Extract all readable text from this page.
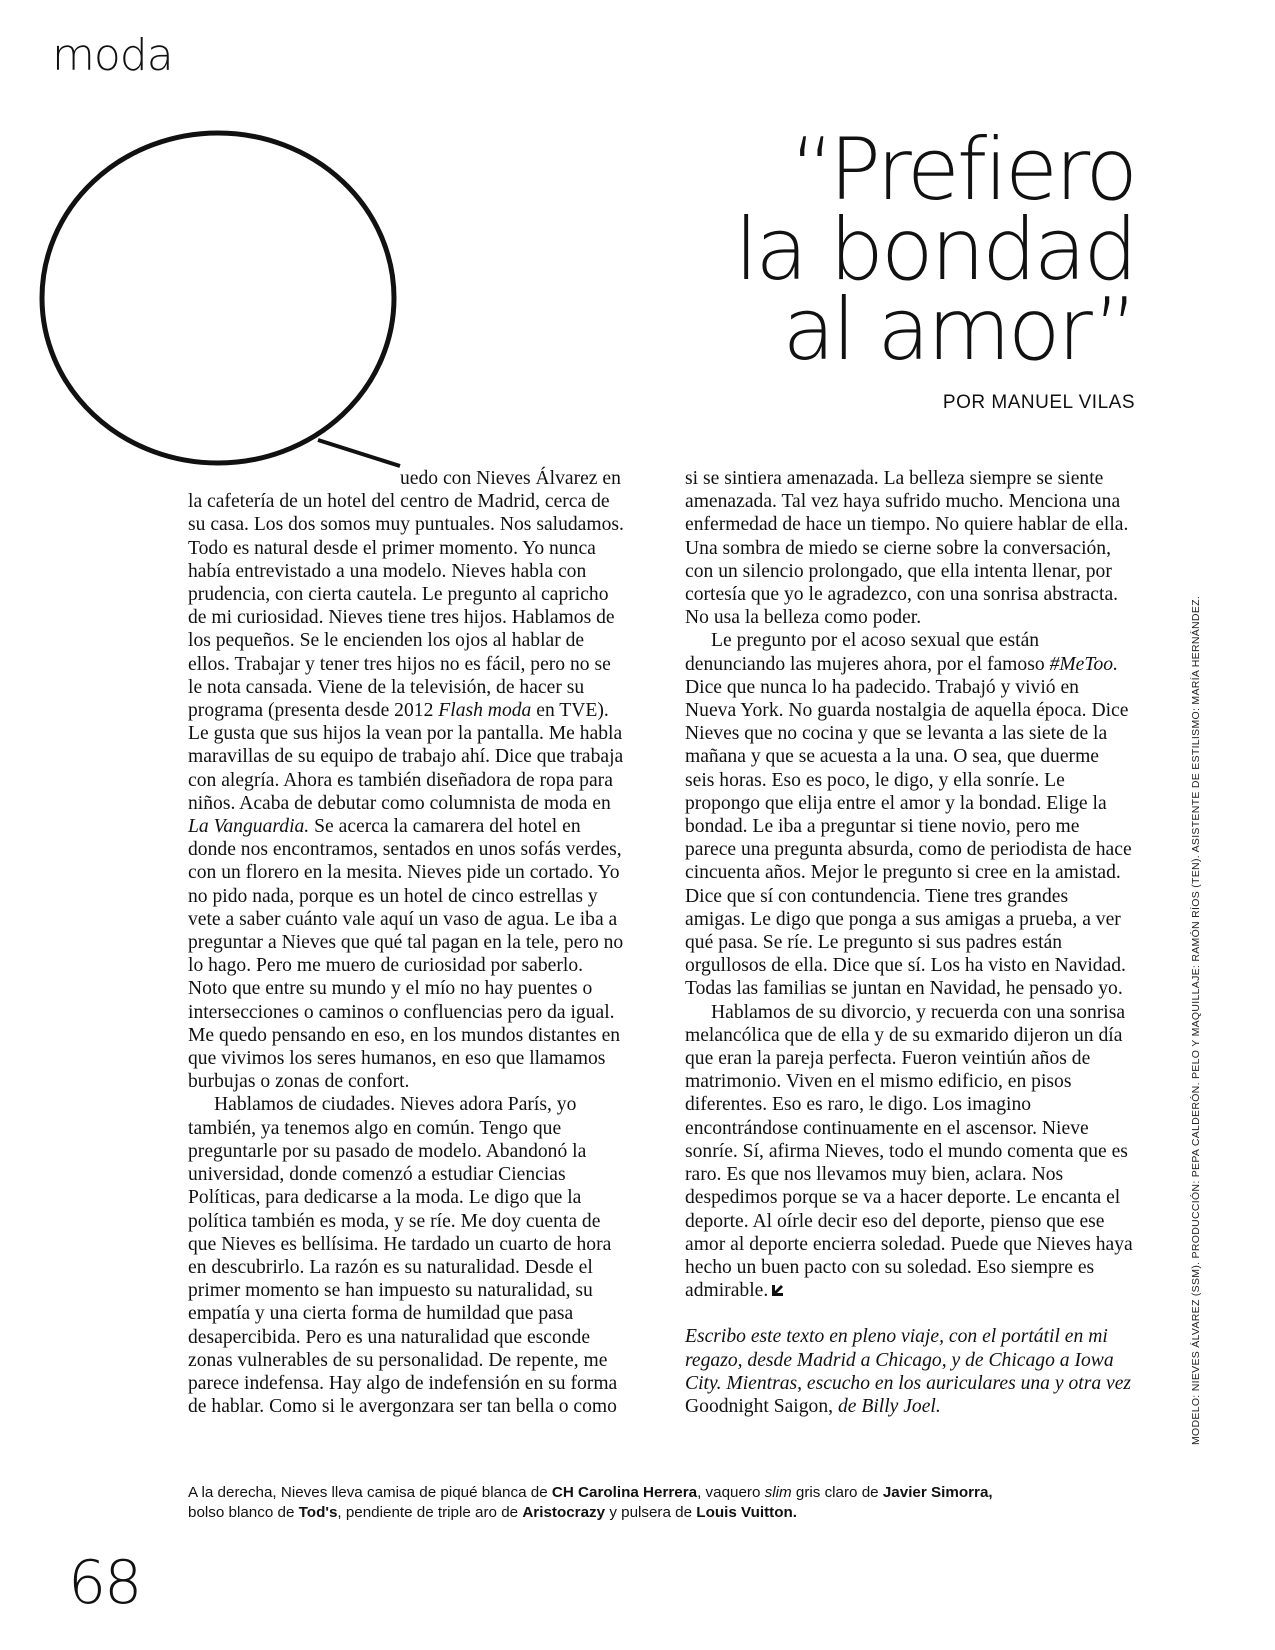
moda
“Prefiero
la bondad
al amor”
POR MANUEL VILAS

uedo con Nieves Álvarez en la cafetería de un hotel del centro de Madrid, cerca de su casa. Los dos somos muy puntuales. Nos saludamos. Todo es natural desde el primer momento. Yo nunca había entrevistado a una modelo. Nieves habla con prudencia, con cierta cautela. Le pregunto al capricho de mi curiosidad. Nieves tiene tres hijos. Hablamos de los pequeños. Se le encienden los ojos al hablar de ellos. Trabajar y tener tres hijos no es fácil, pero no se le nota cansada. Viene de la televisión, de hacer su programa (presenta desde 2012 Flash moda en TVE). Le gusta que sus hijos la vean por la pantalla. Me habla maravillas de su equipo de trabajo ahí. Dice que trabaja con alegría. Ahora es también diseñadora de ropa para niños. Acaba de debutar como columnista de moda en La Vanguardia. Se acerca la camarera del hotel en donde nos encontramos, sentados en unos sofás verdes, con un florero en la mesita. Nieves pide un cortado. Yo no pido nada, porque es un hotel de cinco estrellas y vete a saber cuánto vale aquí un vaso de agua. Le iba a preguntar a Nieves que qué tal pagan en la tele, pero no lo hago. Pero me muero de curiosidad por saberlo. Noto que entre su mundo y el mío no hay puentes o intersecciones o caminos o confluencias pero da igual. Me quedo pensando en eso, en los mundos distantes en que vivimos los seres humanos, en eso que llamamos burbujas o zonas de confort.

Hablamos de ciudades. Nieves adora París, yo también, ya tenemos algo en común. Tengo que preguntarle por su pasado de modelo. Abandonó la universidad, donde comenzó a estudiar Ciencias Políticas, para dedicarse a la moda. Le digo que la política también es moda, y se ríe. Me doy cuenta de que Nieves es bellísima. He tardado un cuarto de hora en descubrirlo. La razón es su naturalidad. Desde el primer momento se han impuesto su naturalidad, su empatía y una cierta forma de humildad que pasa desapercibida. Pero es una naturalidad que esconde zonas vulnerables de su personalidad. De repente, me parece indefensa. Hay algo de indefensión en su forma de hablar. Como si le avergonzara ser tan bella o como

si se sintiera amenazada. La belleza siempre se siente amenazada. Tal vez haya sufrido mucho. Menciona una enfermedad de hace un tiempo. No quiere hablar de ella. Una sombra de miedo se cierne sobre la conversación, con un silencio prolongado, que ella intenta llenar, por cortesía que yo le agradezco, con una sonrisa abstracta. No usa la belleza como poder.

Le pregunto por el acoso sexual que están denunciando las mujeres ahora, por el famoso #MeToo. Dice que nunca lo ha padecido. Trabajó y vivió en Nueva York. No guarda nostalgia de aquella época. Dice Nieves que no cocina y que se levanta a las siete de la mañana y que se acuesta a la una. O sea, que duerme seis horas. Eso es poco, le digo, y ella sonríe. Le propongo que elija entre el amor y la bondad. Elige la bondad. Le iba a preguntar si tiene novio, pero me parece una pregunta absurda, como de periodista de hace cincuenta años. Mejor le pregunto si cree en la amistad. Dice que sí con contundencia. Tiene tres grandes amigas. Le digo que ponga a sus amigas a prueba, a ver qué pasa. Se ríe. Le pregunto si sus padres están orgullosos de ella. Dice que sí. Los ha visto en Navidad. Todas las familias se juntan en Navidad, he pensado yo.

Hablamos de su divorcio, y recuerda con una sonrisa melancólica que de ella y de su exmarido dijeron un día que eran la pareja perfecta. Fueron veintiún años de matrimonio. Viven en el mismo edificio, en pisos diferentes. Eso es raro, le digo. Los imagino encontrándose continuamente en el ascensor. Nieve sonríe. Sí, afirma Nieves, todo el mundo comenta que es raro. Es que nos llevamos muy bien, aclara. Nos despedimos porque se va a hacer deporte. Le encanta el deporte. Al oírle decir eso del deporte, pienso que ese amor al deporte encierra soledad. Puede que Nieves haya hecho un buen pacto con su soledad. Eso siempre es admirable.

Escribo este texto en pleno viaje, con el portátil en mi regazo, desde Madrid a Chicago, y de Chicago a Iowa City. Mientras, escucho en los auriculares una y otra vez Goodnight Saigon, de Billy Joel.

A la derecha, Nieves lleva camisa de piqué blanca de CH Carolina Herrera, vaquero slim gris claro de Javier Simorra,
bolso blanco de Tod's, pendiente de triple aro de Aristocrazy y pulsera de Louis Vuitton.
MODELO: NIEVES ÁLVAREZ (SSM). PRODUCCIÓN: PEPA CALDERÓN. PELO Y MAQUILLAJE: RAMÓN RÍOS (TEN). ASISTENTE DE ESTILISMO: MARÍA HERNÁNDEZ.
68
